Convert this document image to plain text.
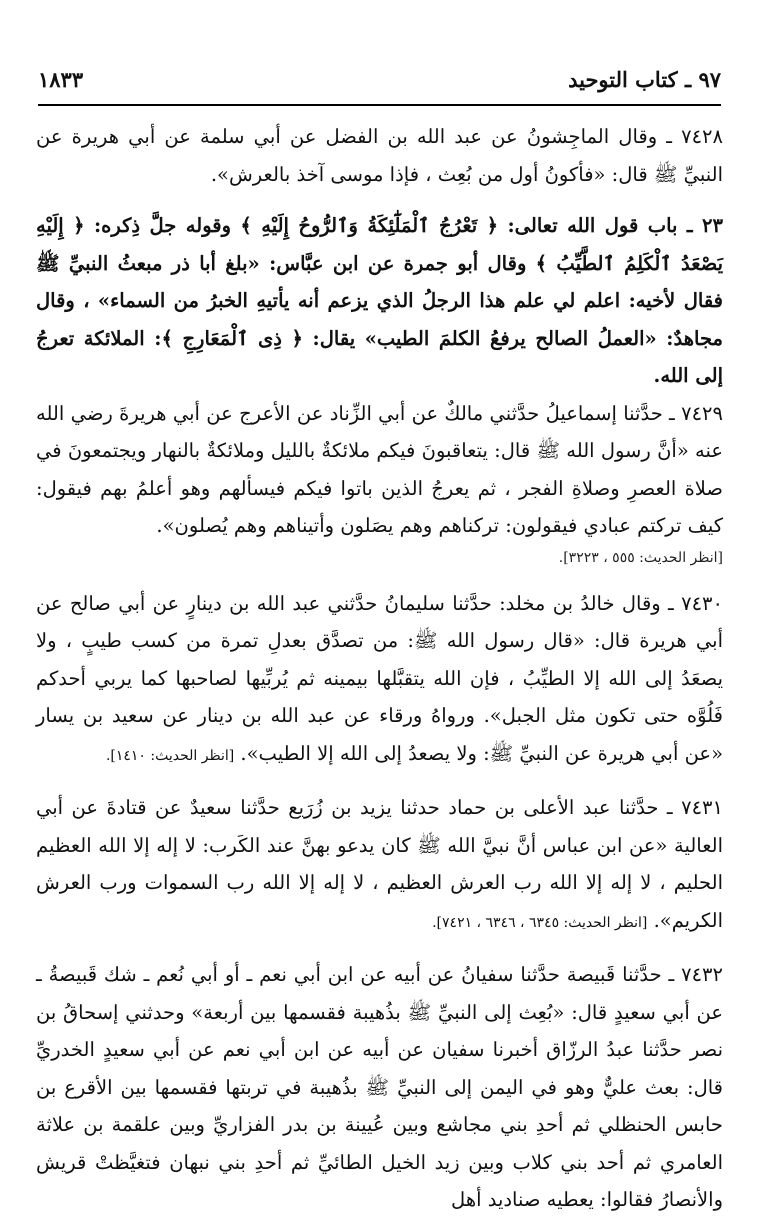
٩٧ ـ كتاب التوحيد
١٨٣٣

٧٤٢٨ ـ وقال الماجِشونُ عن عبد الله بن الفضل عن أبي سلمة عن أبي هريرة عن النبيِّ ﷺ قال: «فأكونُ أول من بُعِث ، فإذا موسى آخذ بالعرش».

٢٣ ـ باب قول الله تعالى: ﴿ تَعْرُجُ ٱلْمَلَٰٓئِكَةُ وَٱلرُّوحُ إِلَيْهِ ﴾ وقوله جلَّ ذِكره: ﴿ إِلَيْهِ يَصْعَدُ ٱلْكَلِمُ ٱلطَّيِّبُ ﴾ وقال أبو جمرة عن ابن عبَّاس: «بلغ أبا ذر مبعثُ النبيِّ ﷺ فقال لأخيه: اعلم لي علم هذا الرجلُ الذي يزعم أنه يأتيهِ الخبرُ من السماء» ، وقال مجاهدٌ: «العملُ الصالح يرفعُ الكلمَ الطيب» يقال: ﴿ ذِى ٱلْمَعَارِجِ ﴾: الملائكة تعرجُ إلى الله.

٧٤٢٩ ـ حدَّثنا إسماعيلُ حدَّثني مالكٌ عن أبي الزِّناد عن الأعرج عن أبي هريرةَ رضي الله عنه «أنَّ رسول الله ﷺ قال: يتعاقبونَ فيكم ملائكةٌ بالليل وملائكةٌ بالنهار ويجتمعونَ في صلاة العصرِ وصلاةِ الفجر ، ثم يعرجُ الذين باتوا فيكم فيسألهم وهو أعلمُ بهم فيقول: كيف تركتم عبادي فيقولون: تركناهم وهم يصَلون وأتيناهم وهم يُصلون».
[انظر الحديث: ٥٥٥ ، ٣٢٢٣].

٧٤٣٠ ـ وقال خالدُ بن مخلد: حدَّثنا سليمانُ حدَّثني عبد الله بن دينارٍ عن أبي صالح عن أبي هريرة قال: «قال رسول الله ﷺ: من تصدَّق بعدلِ تمرة من كسب طيبٍ ، ولا يصعَدُ إلى الله إلا الطيِّبُ ، فإن الله يتقبَّلها بيمينه ثم يُربِّيها لصاحبها كما يربي أحدكم فَلُوَّه حتى تكون مثل الجبل». ورواهُ ورقاء عن عبد الله بن دينار عن سعيد بن يسار «عن أبي هريرة عن النبيِّ ﷺ: ولا يصعدُ إلى الله إلا الطيب». [انظر الحديث: ١٤١٠].

٧٤٣١ ـ حدَّثنا عبد الأعلى بن حماد حدثنا يزيد بن زُرَيع حدَّثنا سعيدٌ عن قتادةَ عن أبي العالية «عن ابن عباس أنَّ نبيَّ الله ﷺ كان يدعو بهنَّ عند الكَرب: لا إله إلا الله العظيم الحليم ، لا إله إلا الله رب العرش العظيم ، لا إله إلا الله رب السموات ورب العرش الكريم». [انظر الحديث: ٦٣٤٥ ، ٦٣٤٦ ، ٧٤٢١].

٧٤٣٢ ـ حدَّثنا قَبيصة حدَّثنا سفيانُ عن أبيه عن ابن أبي نعم ـ أو أبي نُعم ـ شك قَبيصةُ ـ عن أبي سعيدٍ قال: «بُعِث إلى النبيِّ ﷺ بذُهيبة فقسمها بين أربعة» وحدثني إسحاقُ بن نصر حدَّثنا عبدُ الرزّاق أخبرنا سفيان عن أبيه عن ابن أبي نعم عن أبي سعيدٍ الخدريِّ قال: بعث عليٌّ وهو في اليمن إلى النبيِّ ﷺ بذُهيبة في تربتها فقسمها بين الأقرع بن حابس الحنظلي ثم أحدِ بني مجاشع وبين عُيينة بن بدر الفزاريِّ وبين علقمة بن علاثة العامري ثم أحد بني كلاب وبين زيد الخيل الطائيِّ ثم أحدِ بني نبهان فتغيَّظتْ قريش والأنصارُ فقالوا: يعطيه صناديد أهل
